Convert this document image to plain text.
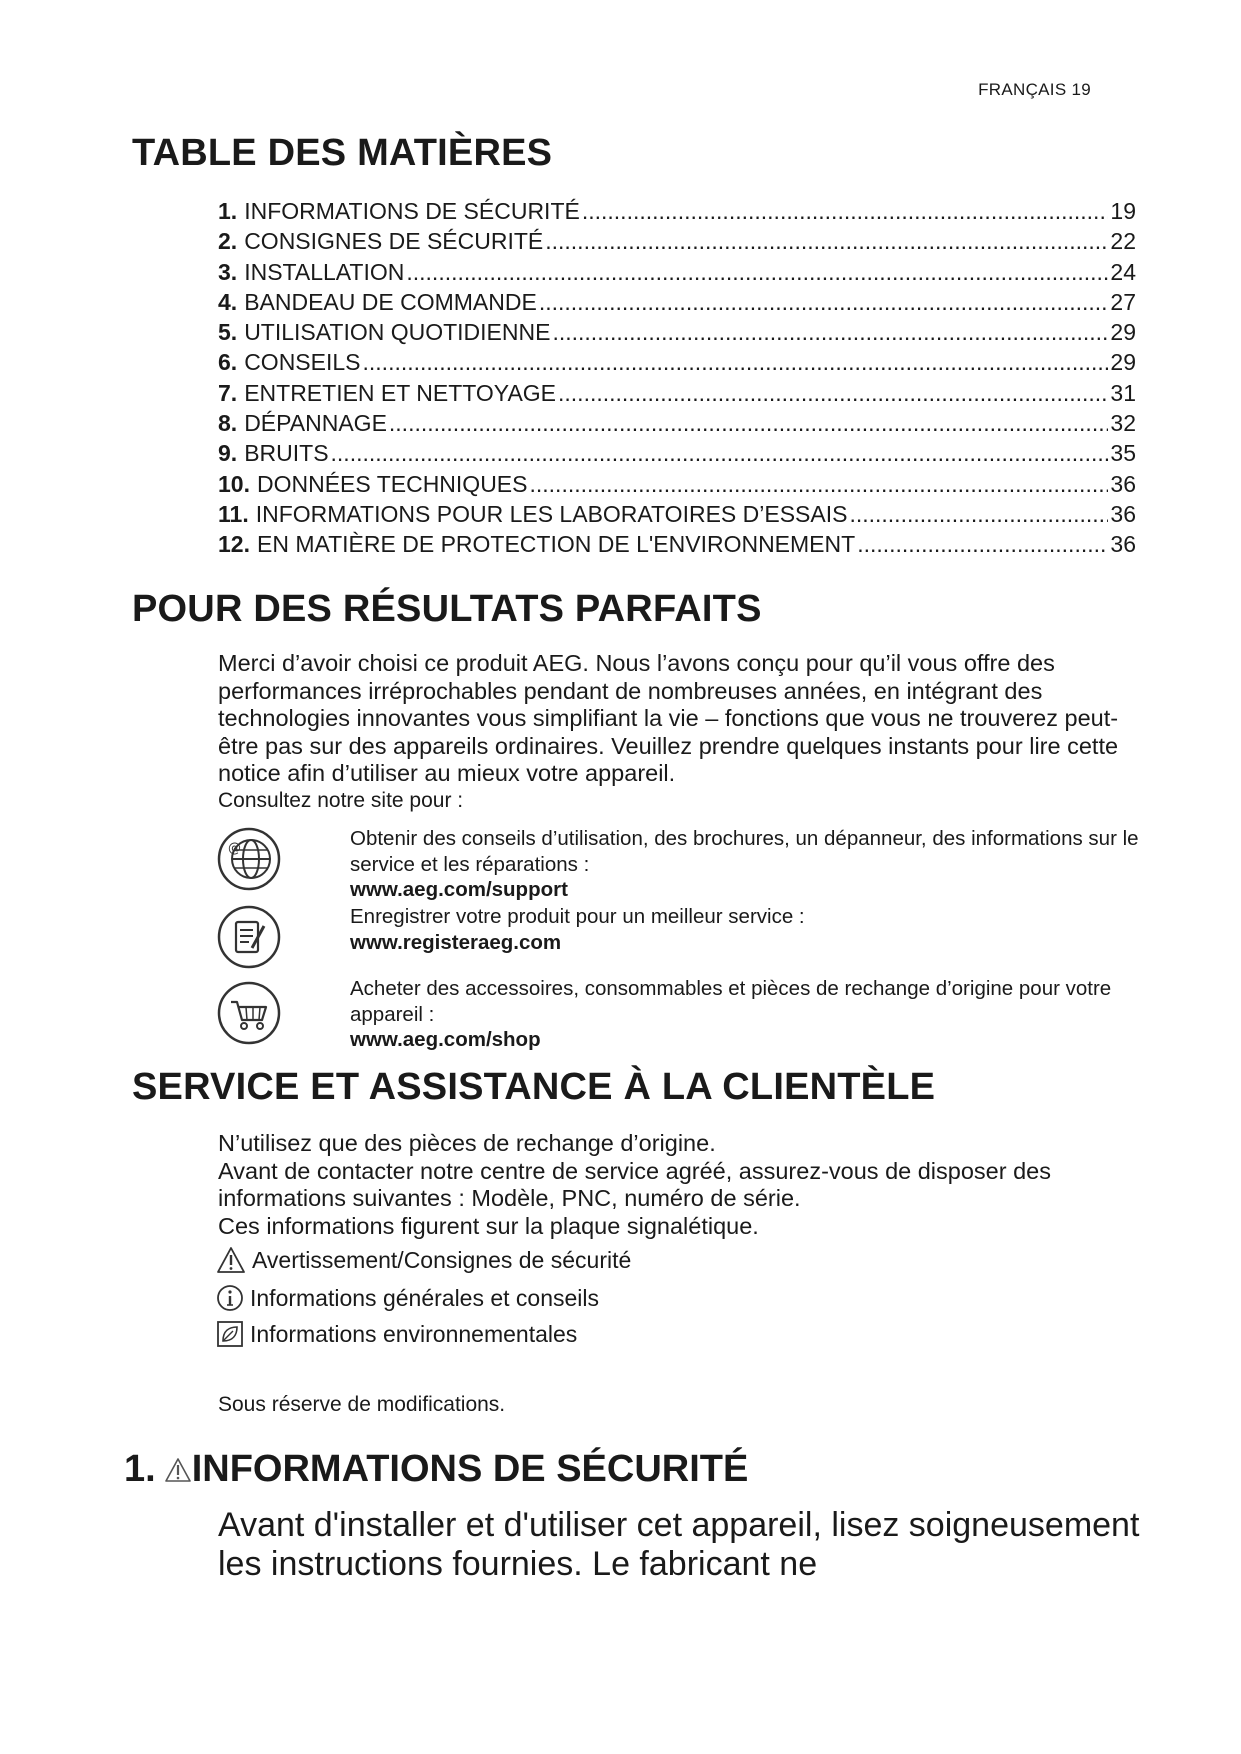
FRANÇAIS 19
TABLE DES MATIÈRES
1. INFORMATIONS DE SÉCURITÉ .....	19
2. CONSIGNES DE SÉCURITÉ .....	22
3. INSTALLATION .....	24
4. BANDEAU DE COMMANDE .....	27
5. UTILISATION QUOTIDIENNE .....	29
6. CONSEILS .....	29
7. ENTRETIEN ET NETTOYAGE .....	31
8. DÉPANNAGE .....	32
9. BRUITS .....	35
10. DONNÉES TECHNIQUES .....	36
11. INFORMATIONS POUR LES LABORATOIRES D’ESSAIS .....	36
12. EN MATIÈRE DE PROTECTION DE L'ENVIRONNEMENT .....	36
POUR DES RÉSULTATS PARFAITS
Merci d’avoir choisi ce produit AEG. Nous l’avons conçu pour qu’il vous offre des performances irréprochables pendant de nombreuses années, en intégrant des technologies innovantes vous simplifiant la vie – fonctions que vous ne trouverez peut-être pas sur des appareils ordinaires. Veuillez prendre quelques instants pour lire cette notice afin d’utiliser au mieux votre appareil.
Consultez notre site pour :
@	Obtenir des conseils d’utilisation, des brochures, un dépanneur, des informations sur le service et les réparations :
www.aeg.com/support
Enregistrer votre produit pour un meilleur service :
www.registeraeg.com
Acheter des accessoires, consommables et pièces de rechange d’origine pour votre appareil :
www.aeg.com/shop
SERVICE ET ASSISTANCE À LA CLIENTÈLE
N’utilisez que des pièces de rechange d’origine.
Avant de contacter notre centre de service agréé, assurez-vous de disposer des informations suivantes : Modèle, PNC, numéro de série.
Ces informations figurent sur la plaque signalétique.
Avertissement/Consignes de sécurité
Informations générales et conseils
Informations environnementales
Sous réserve de modifications.
1. INFORMATIONS DE SÉCURITÉ
Avant d'installer et d'utiliser cet appareil, lisez soigneusement les instructions fournies. Le fabricant ne
